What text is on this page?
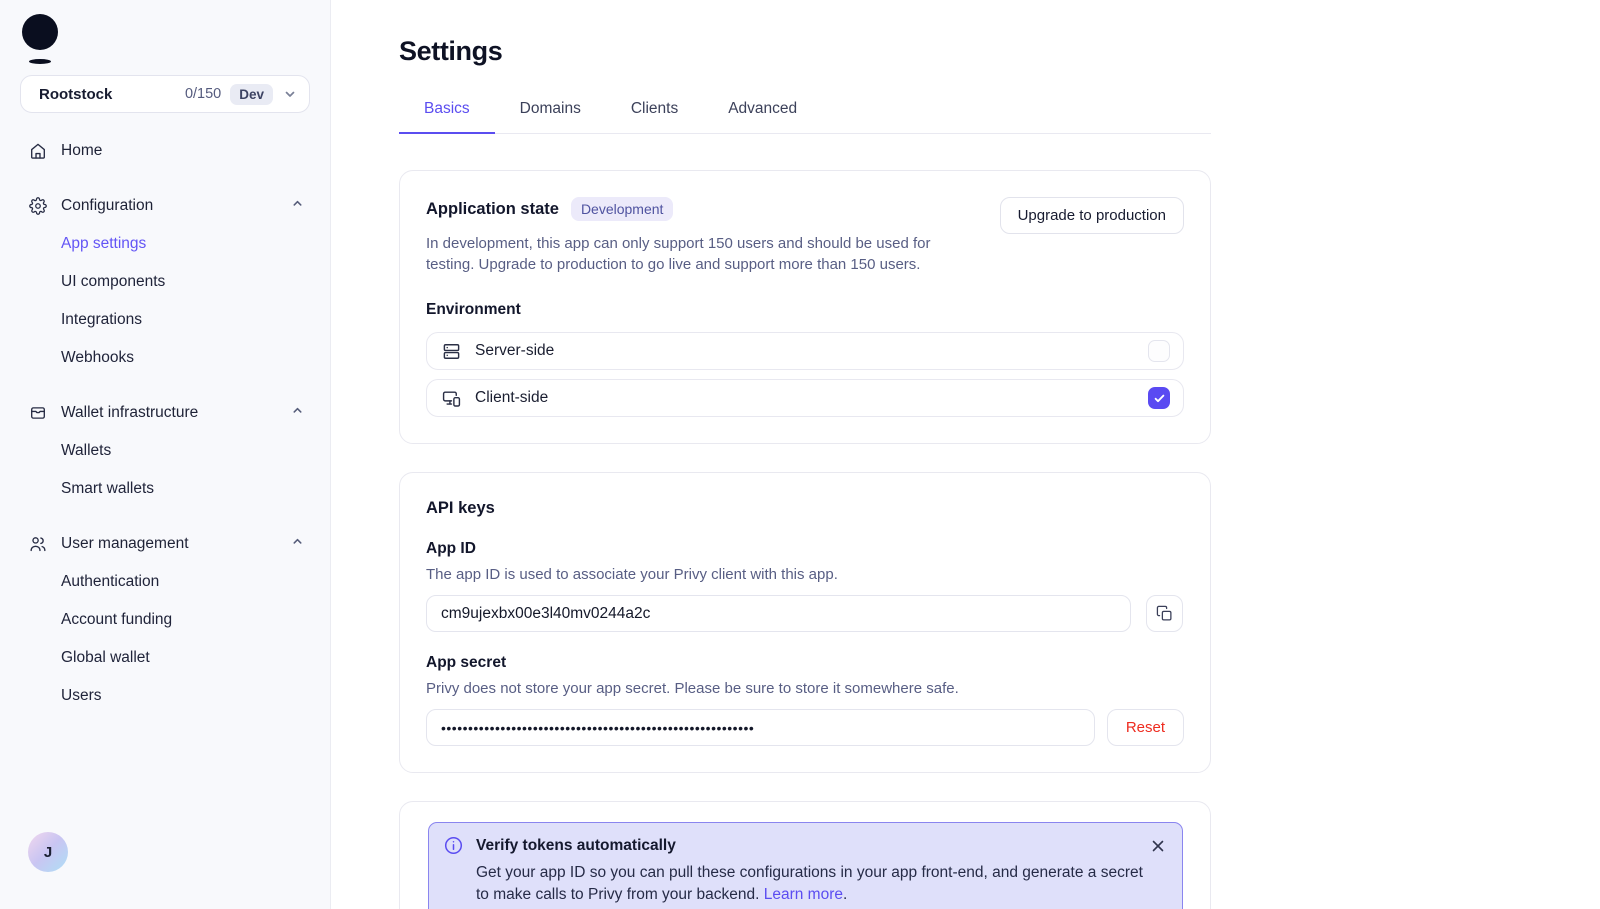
Rootstock	0/150	Dev
Home
Configuration
App settings
UI components
Integrations
Webhooks
Wallet infrastructure
Wallets
Smart wallets
User management
Authentication
Account funding
Global wallet
Users
J
Settings
Basics	Domains	Clients	Advanced
Application state	Development

In development, this app can only support 150 users and should be used for testing. Upgrade to production to go live and support more than 150 users.

Upgrade to production
Environment
Server-side
Client-side
API keys
App ID
The app ID is used to associate your Privy client with this app.
cm9ujexbx00e3l40mv0244a2c
App secret
Privy does not store your app secret. Please be sure to store it somewhere safe.
••••••••••••••••••••••••••••••••••••••••••••••••••••••••••
Reset
Verify tokens automatically

Get your app ID so you can pull these configurations in your app front-end, and generate a secret to make calls to Privy from your backend. Learn more.
